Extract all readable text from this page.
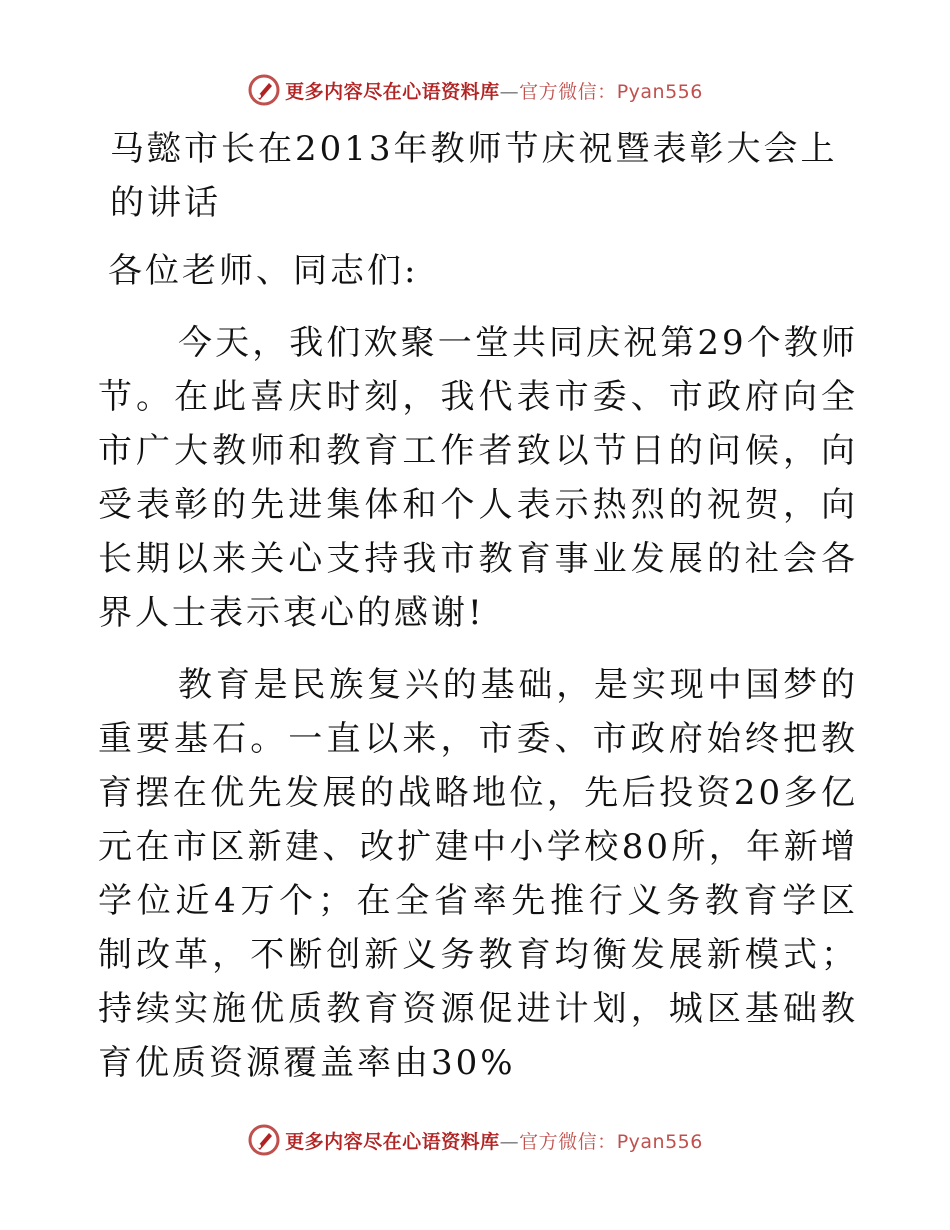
更多内容尽在心语资料库—官方微信：Pyan556
马懿市长在2013年教师节庆祝暨表彰大会上的讲话
各位老师、同志们:

今天，我们欢聚一堂共同庆祝第29个教师节。在此喜庆时刻，我代表市委、市政府向全市广大教师和教育工作者致以节日的问候，向受表彰的先进集体和个人表示热烈的祝贺，向长期以来关心支持我市教育事业发展的社会各界人士表示衷心的感谢!

教育是民族复兴的基础，是实现中国梦的重要基石。一直以来，市委、市政府始终把教育摆在优先发展的战略地位，先后投资20多亿元在市区新建、改扩建中小学校80所，年新增学位近4万个；在全省率先推行义务教育学区制改革，不断创新义务教育均衡发展新模式；持续实施优质教育资源促进计划，城区基础教育优质资源覆盖率由30%

更多内容尽在心语资料库—官方微信：Pyan556
